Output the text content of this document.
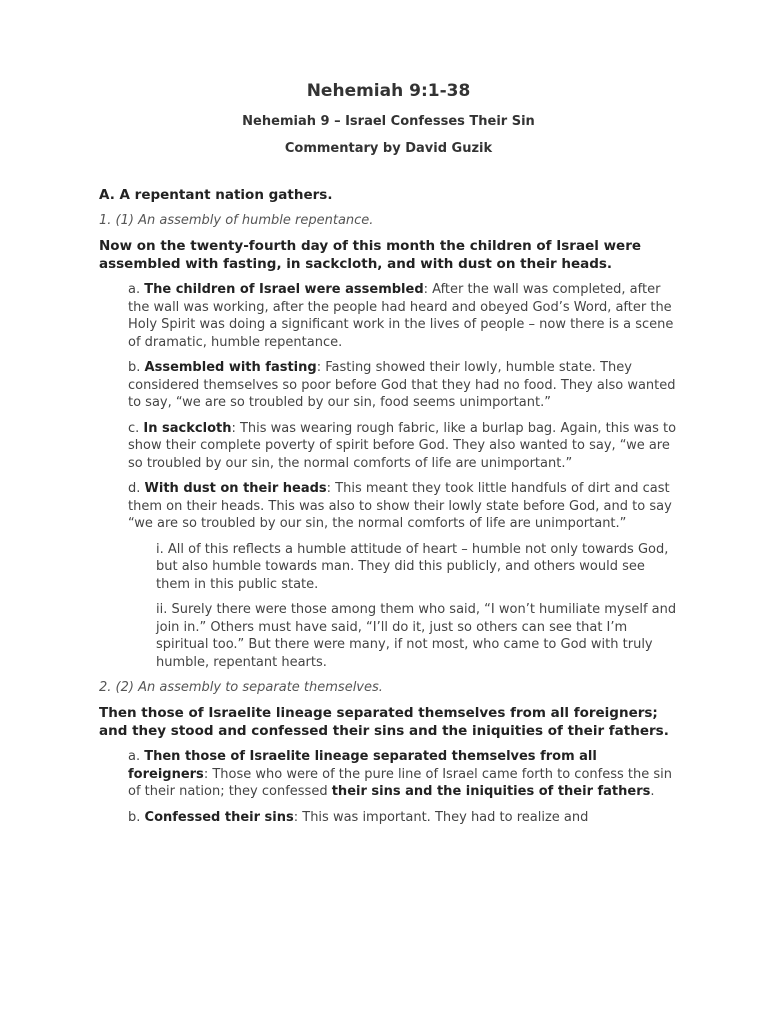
Nehemiah 9:1-38

Nehemiah 9 – Israel Confesses Their Sin

Commentary by David Guzik

A. A repentant nation gathers.

1. (1) An assembly of humble repentance.

Now on the twenty-fourth day of this month the children of Israel were assembled with fasting, in sackcloth, and with dust on their heads.

a. The children of Israel were assembled: After the wall was completed, after the wall was working, after the people had heard and obeyed God’s Word, after the Holy Spirit was doing a significant work in the lives of people – now there is a scene of dramatic, humble repentance.

b. Assembled with fasting: Fasting showed their lowly, humble state. They considered themselves so poor before God that they had no food. They also wanted to say, “we are so troubled by our sin, food seems unimportant.”

c. In sackcloth: This was wearing rough fabric, like a burlap bag. Again, this was to show their complete poverty of spirit before God. They also wanted to say, “we are so troubled by our sin, the normal comforts of life are unimportant.”

d. With dust on their heads: This meant they took little handfuls of dirt and cast them on their heads. This was also to show their lowly state before God, and to say “we are so troubled by our sin, the normal comforts of life are unimportant.”

i. All of this reflects a humble attitude of heart – humble not only towards God, but also humble towards man. They did this publicly, and others would see them in this public state.

ii. Surely there were those among them who said, “I won’t humiliate myself and join in.” Others must have said, “I’ll do it, just so others can see that I’m spiritual too.” But there were many, if not most, who came to God with truly humble, repentant hearts.

2. (2) An assembly to separate themselves.

Then those of Israelite lineage separated themselves from all foreigners; and they stood and confessed their sins and the iniquities of their fathers.

a. Then those of Israelite lineage separated themselves from all foreigners: Those who were of the pure line of Israel came forth to confess the sin of their nation; they confessed their sins and the iniquities of their fathers.

b. Confessed their sins: This was important. They had to realize and
